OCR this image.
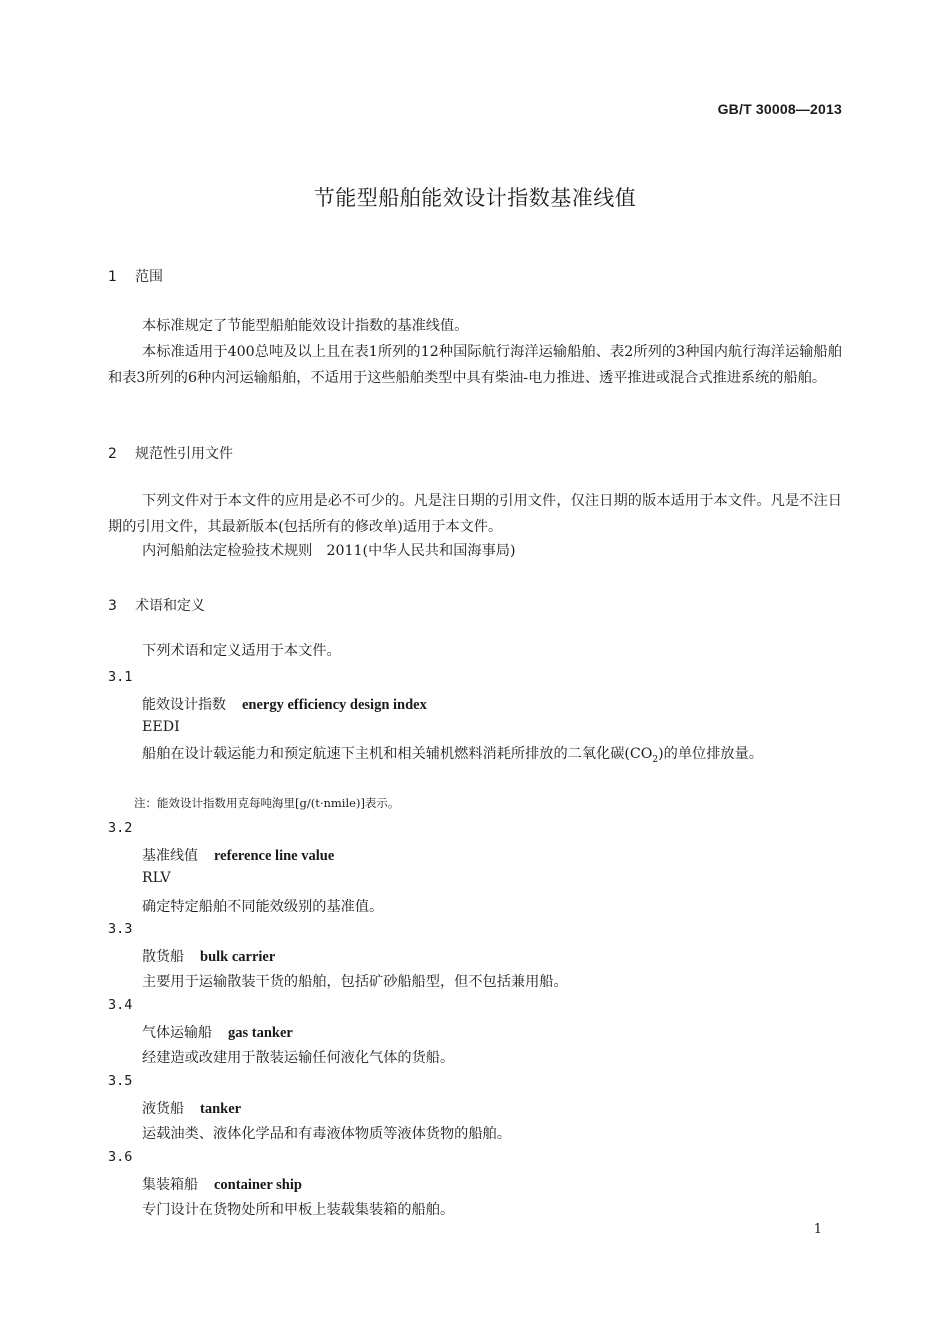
GB/T 30008—2013
节能型船舶能效设计指数基准线值
1 范围
本标准规定了节能型船舶能效设计指数的基准线值。
本标准适用于400总吨及以上且在表1所列的12种国际航行海洋运输船舶、表2所列的3种国内航行海洋运输船舶和表3所列的6种内河运输船舶，不适用于这些船舶类型中具有柴油-电力推进、透平推进或混合式推进系统的船舶。
2 规范性引用文件
下列文件对于本文件的应用是必不可少的。凡是注日期的引用文件，仅注日期的版本适用于本文件。凡是不注日期的引用文件，其最新版本(包括所有的修改单)适用于本文件。
内河船舶法定检验技术规则　2011(中华人民共和国海事局)
3 术语和定义
下列术语和定义适用于本文件。
3.1
能效设计指数 energy efficiency design index
EEDI
船舶在设计载运能力和预定航速下主机和相关辅机燃料消耗所排放的二氧化碳$(CO_2)$的单位排放量。
注：能效设计指数用克每吨海里[g/(t·nmile)]表示。
3.2
基准线值 reference line value
RLV
确定特定船舶不同能效级别的基准值。
3.3
散货船 bulk carrier
主要用于运输散装干货的船舶，包括矿砂船船型，但不包括兼用船。
3.4
气体运输船 gas tanker
经建造或改建用于散装运输任何液化气体的货船。
3.5
液货船 tanker
运载油类、液体化学品和有毒液体物质等液体货物的船舶。
3.6
集装箱船 container ship
专门设计在货物处所和甲板上装载集装箱的船舶。
1
